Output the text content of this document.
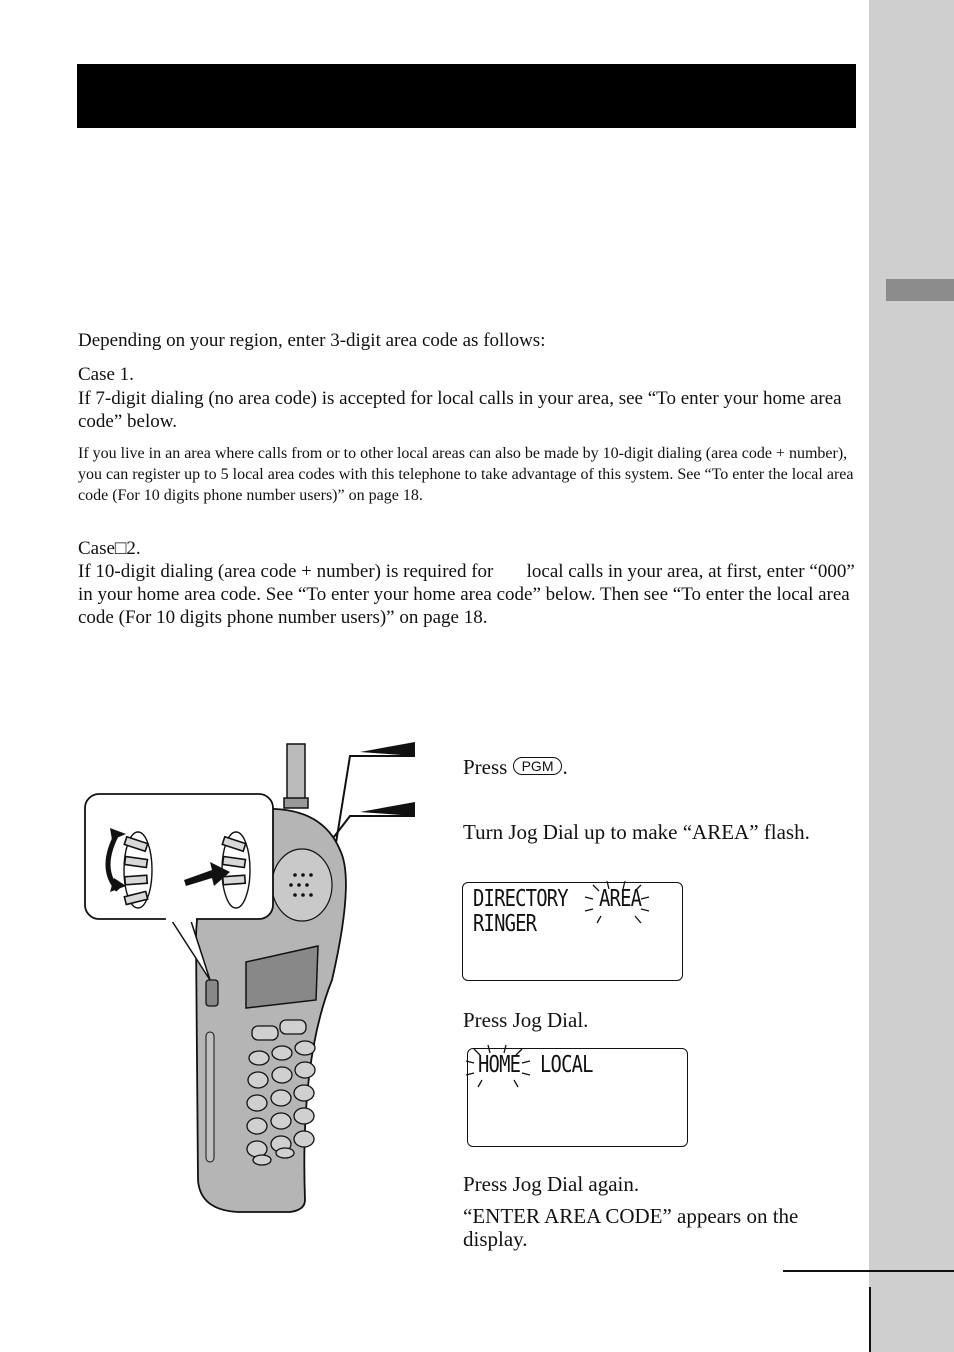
Depending on your region, enter 3-digit area code as follows:

Case 1.

If 7-digit dialing (no area code) is accepted for local calls in your area, see “To enter your home area code” below.

If you live in an area where calls from or to other local areas can also be made by 10-digit dialing (area code + number), you can register up to 5 local area codes with this telephone to take advantage of this system. See “To enter the local area code (For 10 digits phone number users)” on page 18.

Case□2.

If 10-digit dialing (area code + number) is required for       local calls in your area, at first, enter “000” in your home area code. See “To enter your home area code” below. Then see “To enter the local area code (For 10 digits phone number users)” on page 18.

Press PGM .

Turn Jog Dial up to make “AREA” flash.

DIRECTORY AREA
RINGER

Press Jog Dial.

HOME LOCAL

Press Jog Dial again.

“ENTER AREA CODE” appears on the display.
